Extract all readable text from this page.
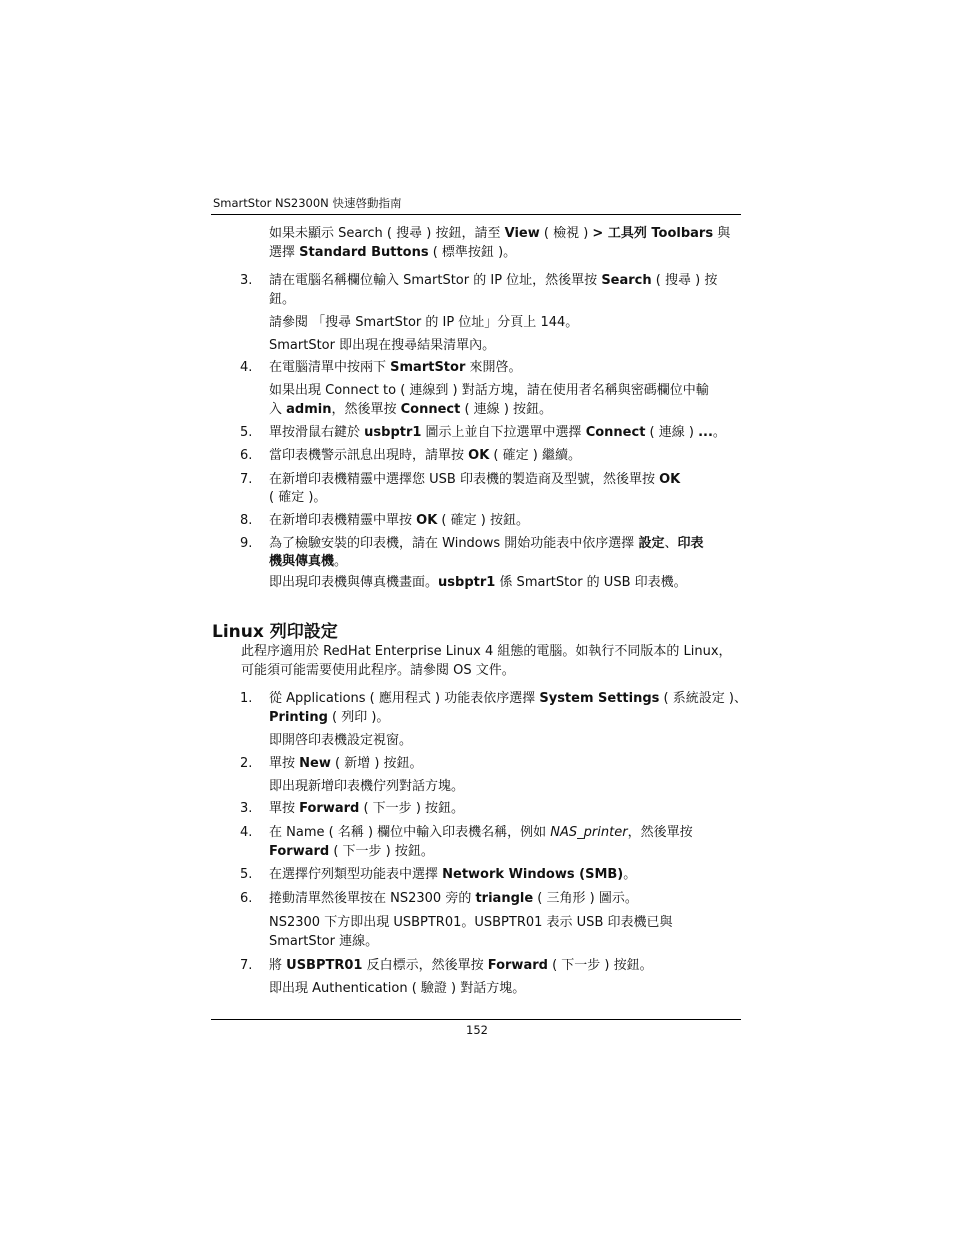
SmartStor NS2300N 快速啓動指南
如果未顯示 Search ( 搜尋 ) 按鈕，請至 View ( 檢視 ) > 工具列 Toolbars 與
選擇 Standard Buttons ( 標準按鈕 )。
3. 請在電腦名稱欄位輸入 SmartStor 的 IP 位址，然後單按 Search ( 搜尋 ) 按
鈕。
請參閱 「搜尋 SmartStor 的 IP 位址」分頁上 144。
SmartStor 即出現在搜尋結果清單內。
4. 在電腦清單中按兩下 SmartStor 來開啓。
如果出現 Connect to ( 連線到 ) 對話方塊，請在使用者名稱與密碼欄位中輸
入 admin，然後單按 Connect ( 連線 ) 按鈕。
5. 單按滑鼠右鍵於 usbptr1 圖示上並自下拉選單中選擇 Connect ( 連線 ) ...。
6. 當印表機警示訊息出現時，請單按 OK ( 確定 ) 繼續。
7. 在新增印表機精靈中選擇您 USB 印表機的製造商及型號，然後單按 OK
( 確定 )。
8. 在新增印表機精靈中單按 OK ( 確定 ) 按鈕。
9. 為了檢驗安裝的印表機，請在 Windows 開始功能表中依序選擇 設定、印表
機與傳真機。
即出現印表機與傳真機畫面。usbptr1 係 SmartStor 的 USB 印表機。
此程序適用於 RedHat Enterprise Linux 4 組態的電腦。如執行不同版本的 Linux，
可能須可能需要使用此程序。請參閱 OS 文件。
1. 從 Applications ( 應用程式 ) 功能表依序選擇 System Settings ( 系統設定 )、
Printing ( 列印 )。
即開啓印表機設定視窗。
2. 單按 New ( 新增 ) 按鈕。
即出現新增印表機佇列對話方塊。
3. 單按 Forward ( 下一步 ) 按鈕。
4. 在 Name ( 名稱 ) 欄位中輸入印表機名稱，例如 NAS_printer，然後單按
Forward ( 下一步 ) 按鈕。
5. 在選擇佇列類型功能表中選擇 Network Windows (SMB)。
6. 捲動清單然後單按在 NS2300 旁的 triangle ( 三角形 ) 圖示。
NS2300 下方即出現 USBPTR01。USBPTR01 表示 USB 印表機已與
SmartStor 連線。
7. 將 USBPTR01 反白標示，然後單按 Forward ( 下一步 ) 按鈕。
即出現 Authentication ( 驗證 ) 對話方塊。
Linux 列印設定
152
